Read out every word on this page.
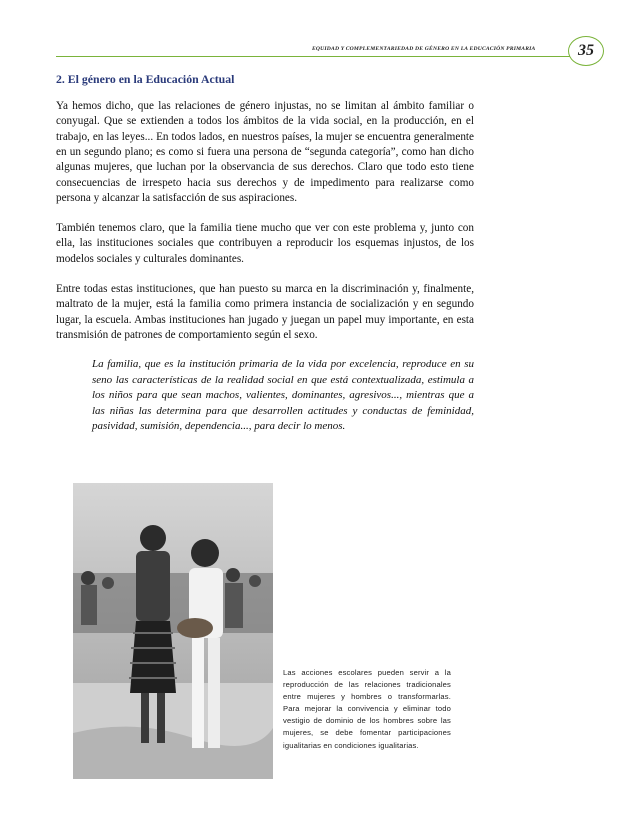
EQUIDAD Y COMPLEMENTARIEDAD DE GÉNERO EN LA EDUCACIÓN PRIMARIA	35
2. El género en la Educación Actual

Ya hemos dicho, que las relaciones de género injustas, no se limitan al ámbito familiar o conyugal. Que se extienden a todos los ámbitos de la vida social, en la producción, en el trabajo, en las leyes... En todos lados, en nuestros países, la mujer se encuentra generalmente en un segundo plano; es como si fuera una persona de “segunda categoría”, como han dicho algunas mujeres, que luchan por la observancia de sus derechos. Claro que todo esto tiene consecuencias de irrespeto hacia sus derechos y de impedimento para realizarse como persona y alcanzar la satisfacción de sus aspiraciones.

También tenemos claro, que la familia tiene mucho que ver con este problema y, junto con ella, las instituciones sociales que contribuyen a reproducir los esquemas injustos, de los modelos sociales y culturales dominantes.

Entre todas estas instituciones, que han puesto su marca en la discriminación y, finalmente, maltrato de la mujer, está la familia como primera instancia de socialización y en segundo lugar, la escuela. Ambas instituciones han jugado y juegan un papel muy importante, en esta transmisión de patrones de comportamiento según el sexo.

La familia, que es la institución primaria de la vida por excelencia, reproduce en su seno las características de la realidad social en que está contextualizada, estimula a los niños para que sean machos, valientes, dominantes, agresivos..., mientras que a las niñas las determina para que desarrollen actitudes y conductas de feminidad, pasividad, sumisión, dependencia..., para decir lo menos.

Las acciones escolares pueden servir a la reproducción de las relaciones tradicionales entre mujeres y hombres o transformarlas. Para mejorar la convivencia y eliminar todo vestigio de dominio de los hombres sobre las mujeres, se debe fomentar participaciones igualitarias en condiciones igualitarias.
